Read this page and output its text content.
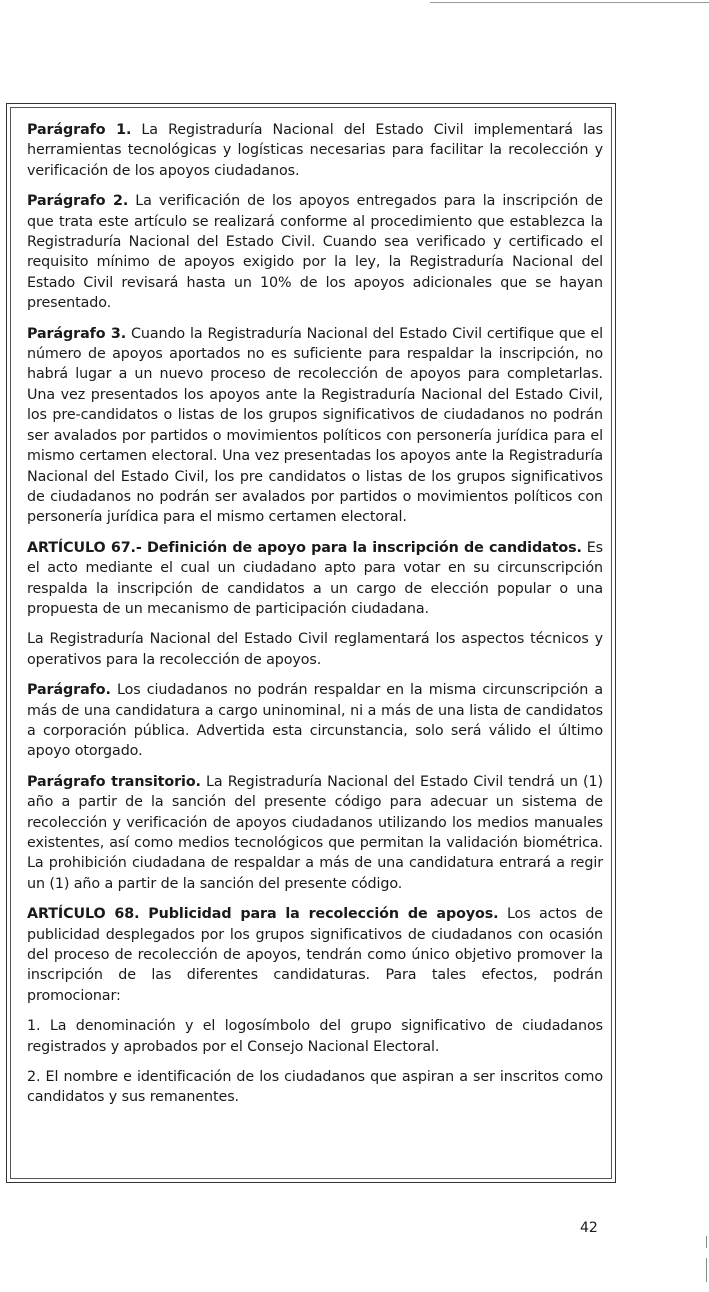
Parágrafo 1. La Registraduría Nacional del Estado Civil implementará las herramientas tecnológicas y logísticas necesarias para facilitar la recolección y verificación de los apoyos ciudadanos.

Parágrafo 2. La verificación de los apoyos entregados para la inscripción de que trata este artículo se realizará conforme al procedimiento que establezca la Registraduría Nacional del Estado Civil. Cuando sea verificado y certificado el requisito mínimo de apoyos exigido por la ley, la Registraduría Nacional del Estado Civil revisará hasta un 10% de los apoyos adicionales que se hayan presentado.

Parágrafo 3. Cuando la Registraduría Nacional del Estado Civil certifique que el número de apoyos aportados no es suficiente para respaldar la inscripción, no habrá lugar a un nuevo proceso de recolección de apoyos para completarlas. Una vez presentados los apoyos ante la Registraduría Nacional del Estado Civil, los pre-candidatos o listas de los grupos significativos de ciudadanos no podrán ser avalados por partidos o movimientos políticos con personería jurídica para el mismo certamen electoral. Una vez presentadas los apoyos ante la Registraduría Nacional del Estado Civil, los pre candidatos o listas de los grupos significativos de ciudadanos no podrán ser avalados por partidos o movimientos políticos con personería jurídica para el mismo certamen electoral.

ARTÍCULO 67.- Definición de apoyo para la inscripción de candidatos. Es el acto mediante el cual un ciudadano apto para votar en su circunscripción respalda la inscripción de candidatos a un cargo de elección popular o una propuesta de un mecanismo de participación ciudadana.

La Registraduría Nacional del Estado Civil reglamentará los aspectos técnicos y operativos para la recolección de apoyos.

Parágrafo. Los ciudadanos no podrán respaldar en la misma circunscripción a más de una candidatura a cargo uninominal, ni a más de una lista de candidatos a corporación pública. Advertida esta circunstancia, solo será válido el último apoyo otorgado.

Parágrafo transitorio. La Registraduría Nacional del Estado Civil tendrá un (1) año a partir de la sanción del presente código para adecuar un sistema de recolección y verificación de apoyos ciudadanos utilizando los medios manuales existentes, así como medios tecnológicos que permitan la validación biométrica. La prohibición ciudadana de respaldar a más de una candidatura entrará a regir un (1) año a partir de la sanción del presente código.

ARTÍCULO 68. Publicidad para la recolección de apoyos. Los actos de publicidad desplegados por los grupos significativos de ciudadanos con ocasión del proceso de recolección de apoyos, tendrán como único objetivo promover la inscripción de las diferentes candidaturas. Para tales efectos, podrán promocionar:

1. La denominación y el logosímbolo del grupo significativo de ciudadanos registrados y aprobados por el Consejo Nacional Electoral.

2. El nombre e identificación de los ciudadanos que aspiran a ser inscritos como candidatos y sus remanentes.

42
